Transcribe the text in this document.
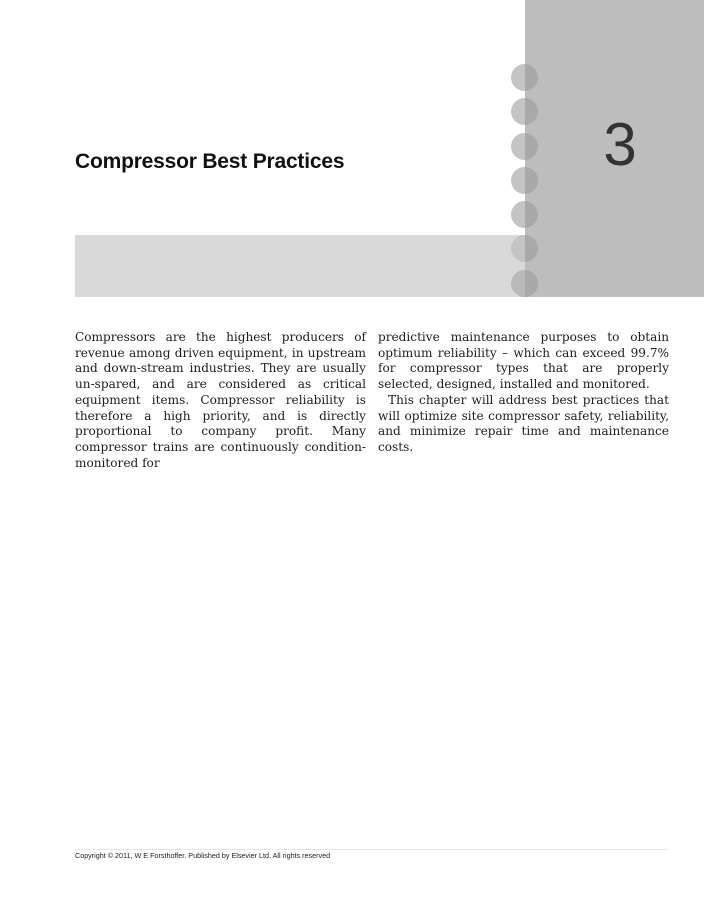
3
Compressor Best Practices

Compressors are the highest producers of revenue among driven equipment, in upstream and down-stream industries. They are usually un-spared, and are considered as critical equipment items. Compressor reliability is therefore a high priority, and is directly proportional to company profit. Many compressor trains are continuously condition-monitored for

predictive maintenance purposes to obtain optimum reliability – which can exceed 99.7% for compressor types that are properly selected, designed, installed and monitored.

This chapter will address best practices that will optimize site compressor safety, reliability, and minimize repair time and maintenance costs.

Copyright © 2011, W E Forsthoffer. Published by Elsevier Ltd. All rights reserved
